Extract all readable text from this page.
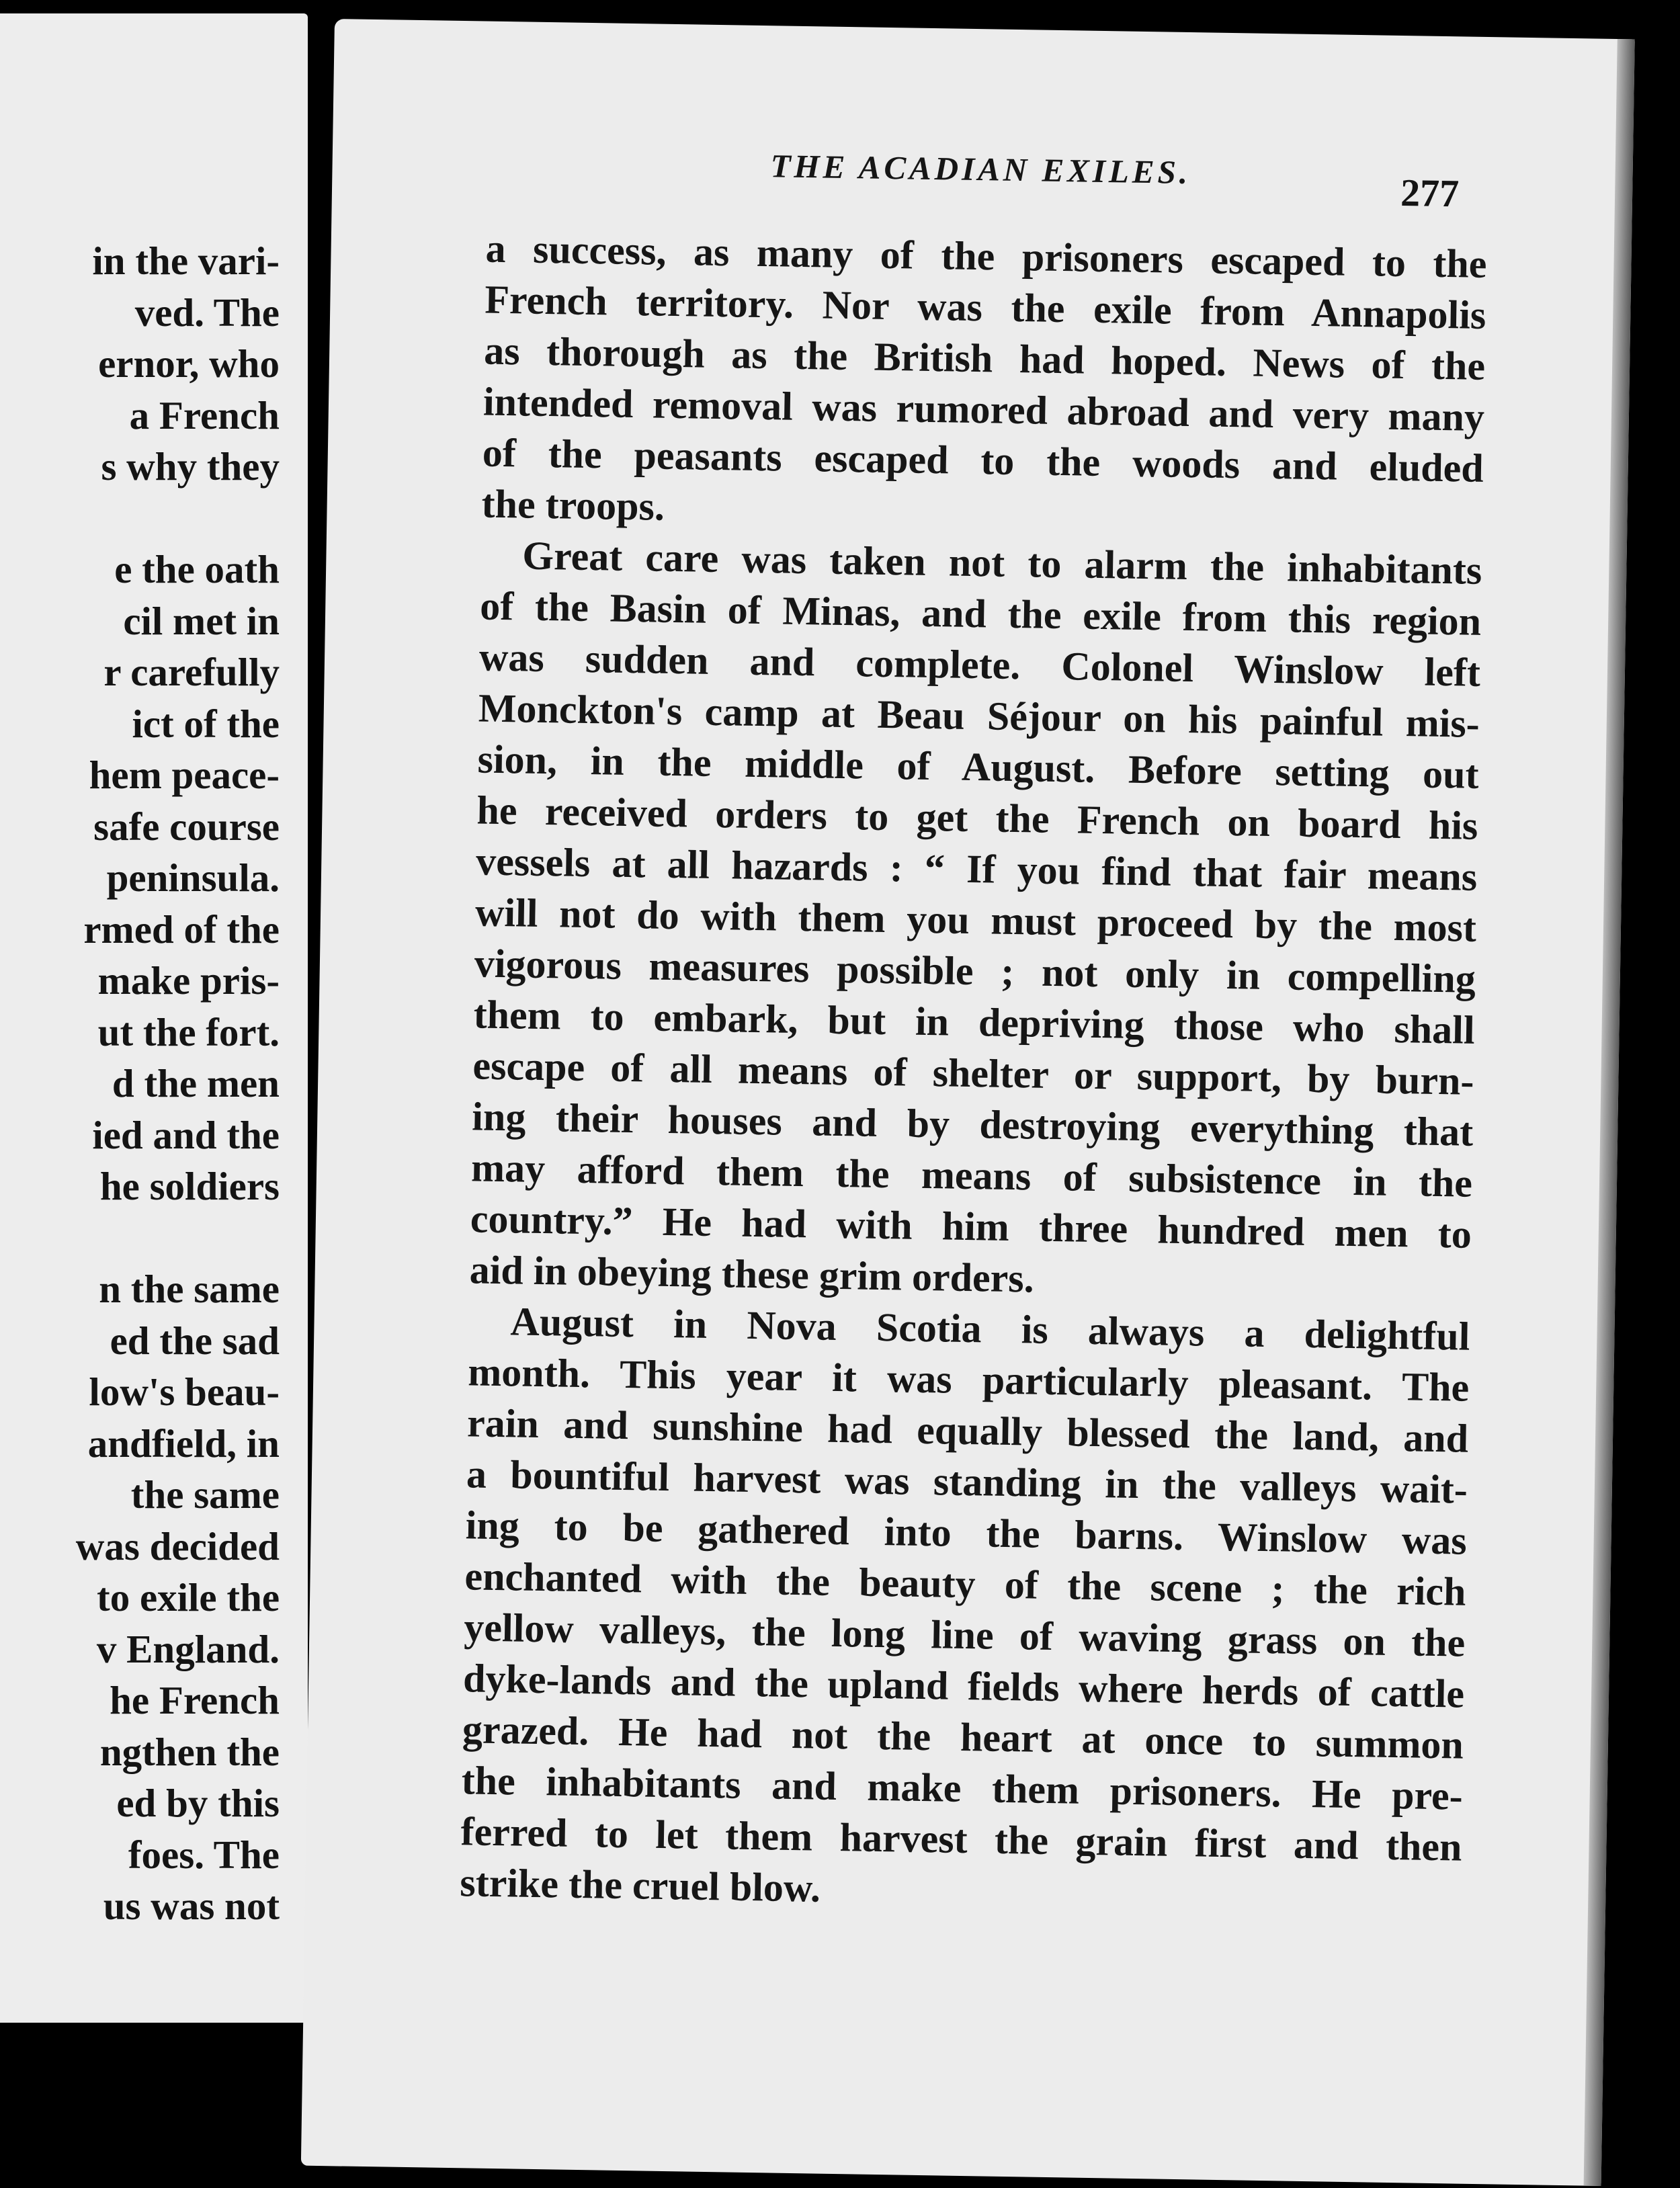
in the vari-
ved. The
ernor, who
a French
s why they
e the oath
cil met in
r carefully
ict of the
hem peace-
safe course
peninsula.
rmed of the
make pris-
ut the fort.
d the men
ied and the
he soldiers
n the same
ed the sad
low's beau-
andfield, in
the same
was decided
to exile the
v England.
he French
ngthen the
ed by this
foes. The
us was not
THE ACADIAN EXILES.
277
a success, as many of the prisoners escaped to the
French territory. Nor was the exile from Annapolis
as thorough as the British had hoped. News of the
intended removal was rumored abroad and very many
of the peasants escaped to the woods and eluded
the troops.
Great care was taken not to alarm the inhabitants
of the Basin of Minas, and the exile from this region
was sudden and complete. Colonel Winslow left
Monckton's camp at Beau Séjour on his painful mis-
sion, in the middle of August. Before setting out
he received orders to get the French on board his
vessels at all hazards : “ If you find that fair means
will not do with them you must proceed by the most
vigorous measures possible ; not only in compelling
them to embark, but in depriving those who shall
escape of all means of shelter or support, by burn-
ing their houses and by destroying everything that
may afford them the means of subsistence in the
country.” He had with him three hundred men to
aid in obeying these grim orders.
August in Nova Scotia is always a delightful
month. This year it was particularly pleasant. The
rain and sunshine had equally blessed the land, and
a bountiful harvest was standing in the valleys wait-
ing to be gathered into the barns. Winslow was
enchanted with the beauty of the scene ; the rich
yellow valleys, the long line of waving grass on the
dyke-lands and the upland fields where herds of cattle
grazed. He had not the heart at once to summon
the inhabitants and make them prisoners. He pre-
ferred to let them harvest the grain first and then
strike the cruel blow.
